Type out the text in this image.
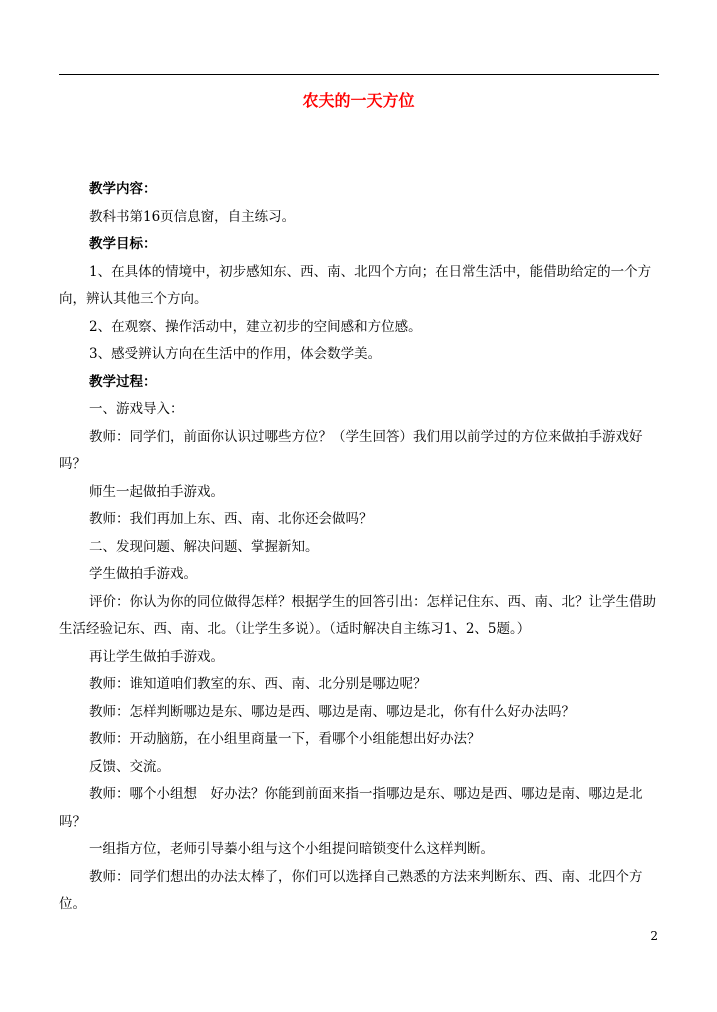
农夫的一天方位

教学内容：

教科书第16页信息窗，自主练习。

教学目标：

1、在具体的情境中，初步感知东、西、南、北四个方向；在日常生活中，能借助给定的一个方向，辨认其他三个方向。

2、在观察、操作活动中，建立初步的空间感和方位感。

3、感受辨认方向在生活中的作用，体会数学美。

教学过程：

一、游戏导入：

教师：同学们，前面你认识过哪些方位？（学生回答）我们用以前学过的方位来做拍手游戏好吗？

师生一起做拍手游戏。

教师：我们再加上东、西、南、北你还会做吗？

二、发现问题、解决问题、掌握新知。

学生做拍手游戏。

评价：你认为你的同位做得怎样？根据学生的回答引出：怎样记住东、西、南、北？让学生借助生活经验记东、西、南、北。（让学生多说）。（适时解决自主练习1、2、5题。）

再让学生做拍手游戏。

教师：谁知道咱们教室的东、西、南、北分别是哪边呢？

教师：怎样判断哪边是东、哪边是西、哪边是南、哪边是北，你有什么好办法吗？

教师：开动脑筋，在小组里商量一下，看哪个小组能想出好办法？

反馈、交流。

教师：哪个小组想　好办法？你能到前面来指一指哪边是东、哪边是西、哪边是南、哪边是北吗？

一组指方位，老师引导蓁小组与这个小组提问暗锁变什么这样判断。

教师：同学们想出的办法太棒了，你们可以选择自己熟悉的方法来判断东、西、南、北四个方位。

2
